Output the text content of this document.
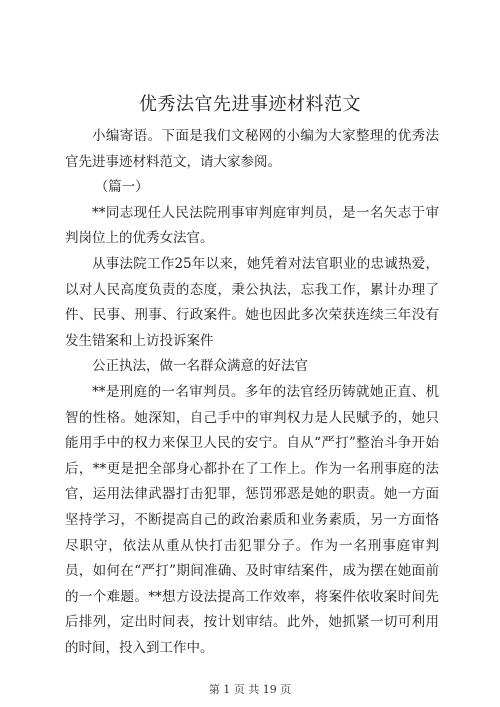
优秀法官先进事迹材料范文

小编寄语。下面是我们文秘网的小编为大家整理的优秀法官先进事迹材料范文，请大家参阅。

（篇一）

**同志现任人民法院刑事审判庭审判员，是一名矢志于审判岗位上的优秀女法官。

从事法院工作25年以来，她凭着对法官职业的忠诚热爱，以对人民高度负责的态度，秉公执法，忘我工作，累计办理了件、民事、刑事、行政案件。她也因此多次荣获连续三年没有发生错案和上访投诉案件

公正执法，做一名群众满意的好法官

**是刑庭的一名审判员。多年的法官经历铸就她正直、机智的性格。她深知，自己手中的审判权力是人民赋予的，她只能用手中的权力来保卫人民的安宁。自从“严打”整治斗争开始后，**更是把全部身心都扑在了工作上。作为一名刑事庭的法官，运用法律武器打击犯罪，惩罚邪恶是她的职责。她一方面坚持学习，不断提高自己的政治素质和业务素质，另一方面恪尽职守，依法从重从快打击犯罪分子。作为一名刑事庭审判员，如何在“严打”期间准确、及时审结案件，成为摆在她面前的一个难题。**想方设法提高工作效率，将案件依收案时间先后排列，定出时间表，按计划审结。此外，她抓紧一切可利用的时间，投入到工作中。

第 1 页 共 19 页
